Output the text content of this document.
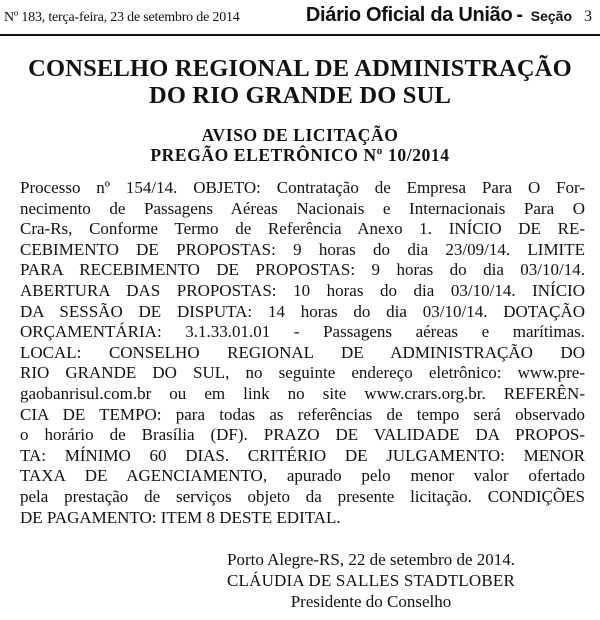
Nº 183, terça-feira, 23 de setembro de 2014	Diário Oficial da União - Seção 3
CONSELHO REGIONAL DE ADMINISTRAÇÃO
DO RIO GRANDE DO SUL
AVISO DE LICITAÇÃO
PREGÃO ELETRÔNICO Nº 10/2014
Processo nº 154/14. OBJETO: Contratação de Empresa Para O For-
necimento de Passagens Aéreas Nacionais e Internacionais Para O
Cra-Rs, Conforme Termo de Referência Anexo 1. INÍCIO DE RE-
CEBIMENTO DE PROPOSTAS: 9 horas do dia 23/09/14. LIMITE
PARA RECEBIMENTO DE PROPOSTAS: 9 horas do dia 03/10/14.
ABERTURA DAS PROPOSTAS: 10 horas do dia 03/10/14. INÍCIO
DA SESSÃO DE DISPUTA: 14 horas do dia 03/10/14. DOTAÇÃO
ORÇAMENTÁRIA: 3.1.33.01.01 - Passagens aéreas e marítimas.
LOCAL: CONSELHO REGIONAL DE ADMINISTRAÇÃO DO
RIO GRANDE DO SUL, no seguinte endereço eletrônico: www.pre-
gaobanrisul.com.br ou em link no site www.crars.org.br. REFERÊN-
CIA DE TEMPO: para todas as referências de tempo será observado
o horário de Brasília (DF). PRAZO DE VALIDADE DA PROPOS-
TA: MÍNIMO 60 DIAS. CRITÉRIO DE JULGAMENTO: MENOR
TAXA DE AGENCIAMENTO, apurado pelo menor valor ofertado
pela prestação de serviços objeto da presente licitação. CONDIÇÕES
DE PAGAMENTO: ITEM 8 DESTE EDITAL.
Porto Alegre-RS, 22 de setembro de 2014.
CLÁUDIA DE SALLES STADTLOBER
Presidente do Conselho
